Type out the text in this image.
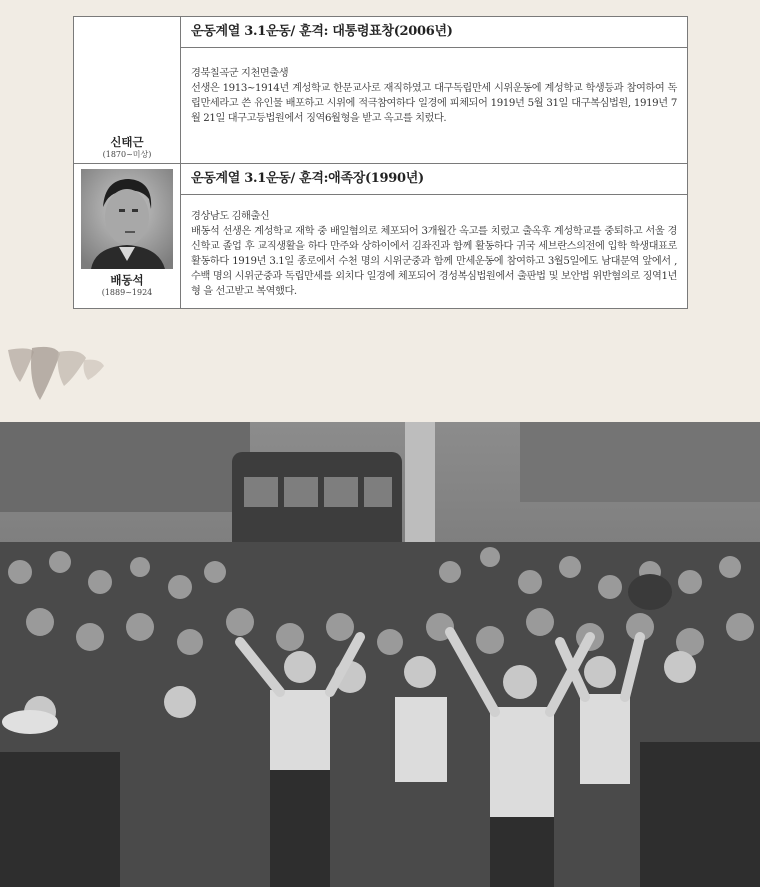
신태근
(1870~미상)
운동계열 3.1운동/ 훈격: 대통령표창(2006년)
경북칠곡군 지천면출생
선생은 1913~1914년 계성학교 한문교사로 재직하였고 대구독립만세 시위운동에 계성학교 학생등과 참여하여 독립만세라고 쓴 유인물 배포하고 시위에 적극참여하다 일경에 피체되어 1919년 5월 31일 대구복심법원, 1919년 7월 21일 대구고등법원에서 징역6월형을 받고 옥고를 치렀다.
배동석
(1889~1924
운동계열 3.1운동/ 훈격:애족장(1990년)
경상남도 김해출신
배동석 선생은 계성학교 재학 중 배일혐의로 체포되어 3개월간 옥고를 치렀고 출옥후 계성학교를 중퇴하고 서울 경신학교 졸업 후 교직생활을 하다 만주와 상하이에서 김좌진과 함께 활동하다 귀국 세브란스의전에 입학 학생대표로 활동하다 1919년 3.1일 종로에서 수천 명의 시위군중과 함께 만세운동에 참여하고 3월5일에도 남대문역 앞에서 ,수백 명의 시위군중과 독립만세를 외치다 일경에 체포되어 경성복심법원에서 출판법 및 보안법 위반혐의로 징역1년형 을 선고받고 복역했다.
